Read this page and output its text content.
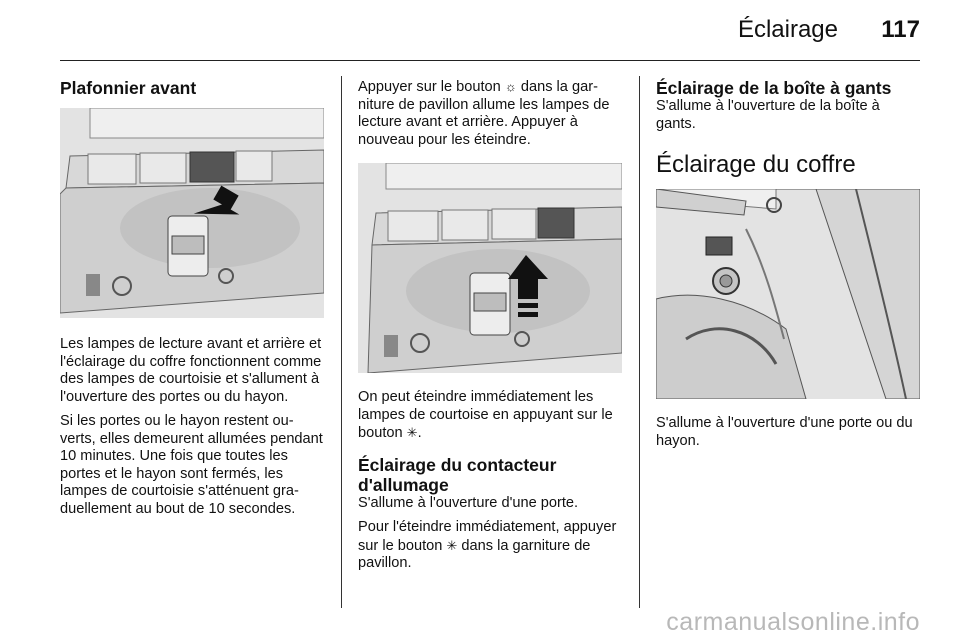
Éclairage 117
Plafonnier avant

Les lampes de lecture avant et arrière et l'éclairage du coffre fonctionnent comme des lampes de courtoisie et s'allument à l'ouverture des portes ou du hayon.

Si les portes ou le hayon restent ouverts, elles demeurent allumées pendant 10 minutes. Une fois que toutes les portes et le hayon sont fermés, les lampes de courtoisie s'atténuent graduellement au bout de 10 secondes.

Appuyer sur le bouton ☼ dans la garniture de pavillon allume les lampes de lecture avant et arrière. Appuyer à nouveau pour les éteindre.

On peut éteindre immédiatement les lampes de courtoise en appuyant sur le bouton ✳.

Éclairage du contacteur d'allumage

S'allume à l'ouverture d'une porte.

Pour l'éteindre immédiatement, appuyer sur le bouton ✳ dans la garniture de pavillon.

Éclairage de la boîte à gants

S'allume à l'ouverture de la boîte à gants.

Éclairage du coffre

S'allume à l'ouverture d'une porte ou du hayon.

carmanualsonline.info
